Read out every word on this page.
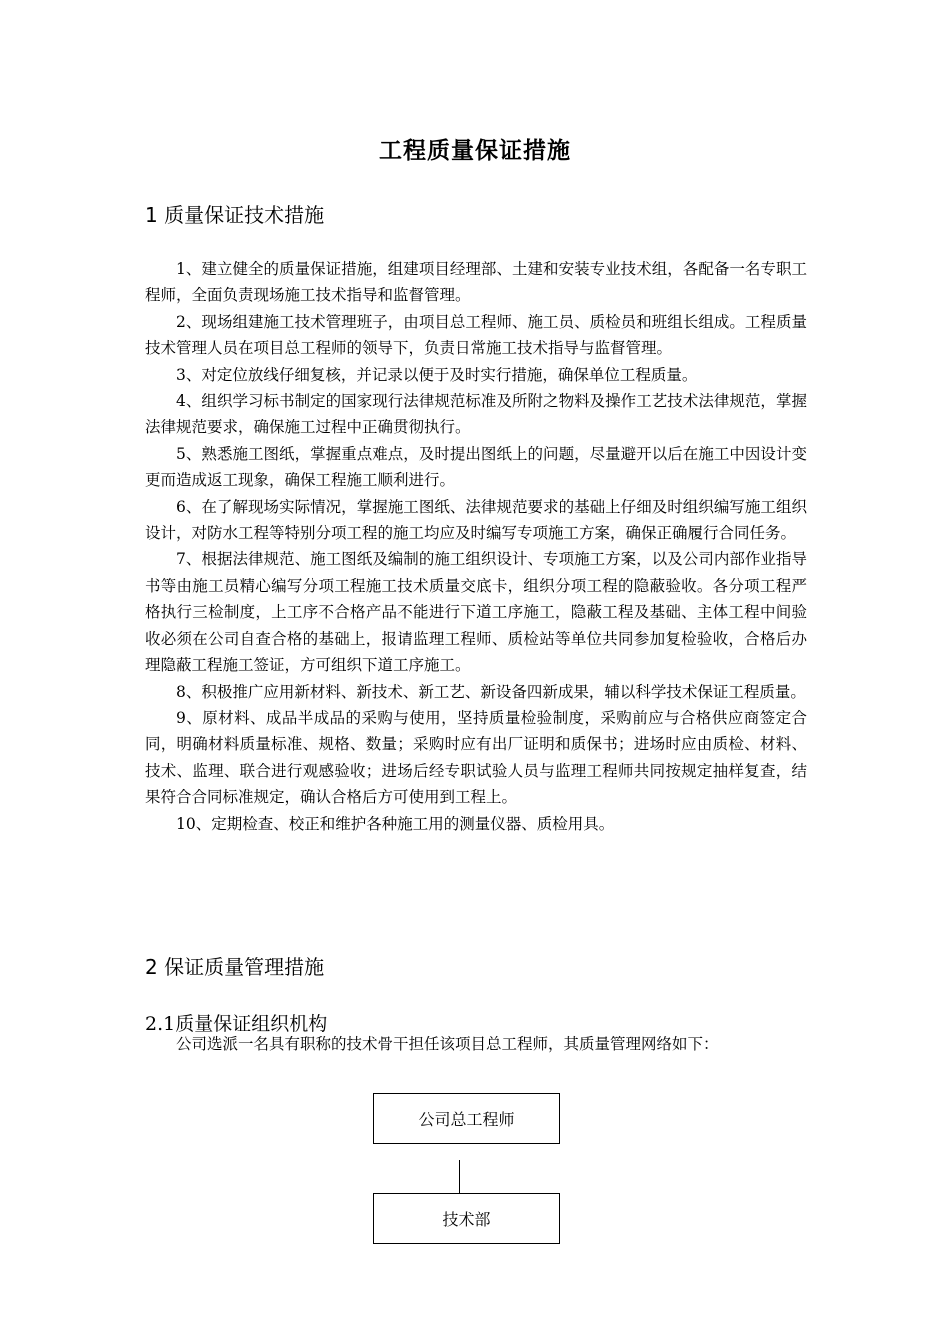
工程质量保证措施
1 质量保证技术措施

1、建立健全的质量保证措施，组建项目经理部、土建和安装专业技术组，各配备一名专职工程师，全面负责现场施工技术指导和监督管理。

2、现场组建施工技术管理班子，由项目总工程师、施工员、质检员和班组长组成。工程质量技术管理人员在项目总工程师的领导下，负责日常施工技术指导与监督管理。

3、对定位放线仔细复核，并记录以便于及时实行措施，确保单位工程质量。

4、组织学习标书制定的国家现行法律规范标准及所附之物料及操作工艺技术法律规范，掌握法律规范要求，确保施工过程中正确贯彻执行。

5、熟悉施工图纸，掌握重点难点，及时提出图纸上的问题，尽量避开以后在施工中因设计变更而造成返工现象，确保工程施工顺利进行。

6、在了解现场实际情况，掌握施工图纸、法律规范要求的基础上仔细及时组织编写施工组织设计，对防水工程等特别分项工程的施工均应及时编写专项施工方案，确保正确履行合同任务。

7、根据法律规范、施工图纸及编制的施工组织设计、专项施工方案，以及公司内部作业指导书等由施工员精心编写分项工程施工技术质量交底卡，组织分项工程的隐蔽验收。各分项工程严格执行三检制度，上工序不合格产品不能进行下道工序施工，隐蔽工程及基础、主体工程中间验收必须在公司自查合格的基础上，报请监理工程师、质检站等单位共同参加复检验收，合格后办理隐蔽工程施工签证，方可组织下道工序施工。

8、积极推广应用新材料、新技术、新工艺、新设备四新成果，辅以科学技术保证工程质量。

9、原材料、成品半成品的采购与使用，坚持质量检验制度，采购前应与合格供应商签定合同，明确材料质量标准、规格、数量；采购时应有出厂证明和质保书；进场时应由质检、材料、技术、监理、联合进行观感验收；进场后经专职试验人员与监理工程师共同按规定抽样复查，结果符合合同标准规定，确认合格后方可使用到工程上。

10、定期检查、校正和维护各种施工用的测量仪器、质检用具。

2 保证质量管理措施
2.1质量保证组织机构

公司选派一名具有职称的技术骨干担任该项目总工程师，其质量管理网络如下：

公司总工程师
技术部
